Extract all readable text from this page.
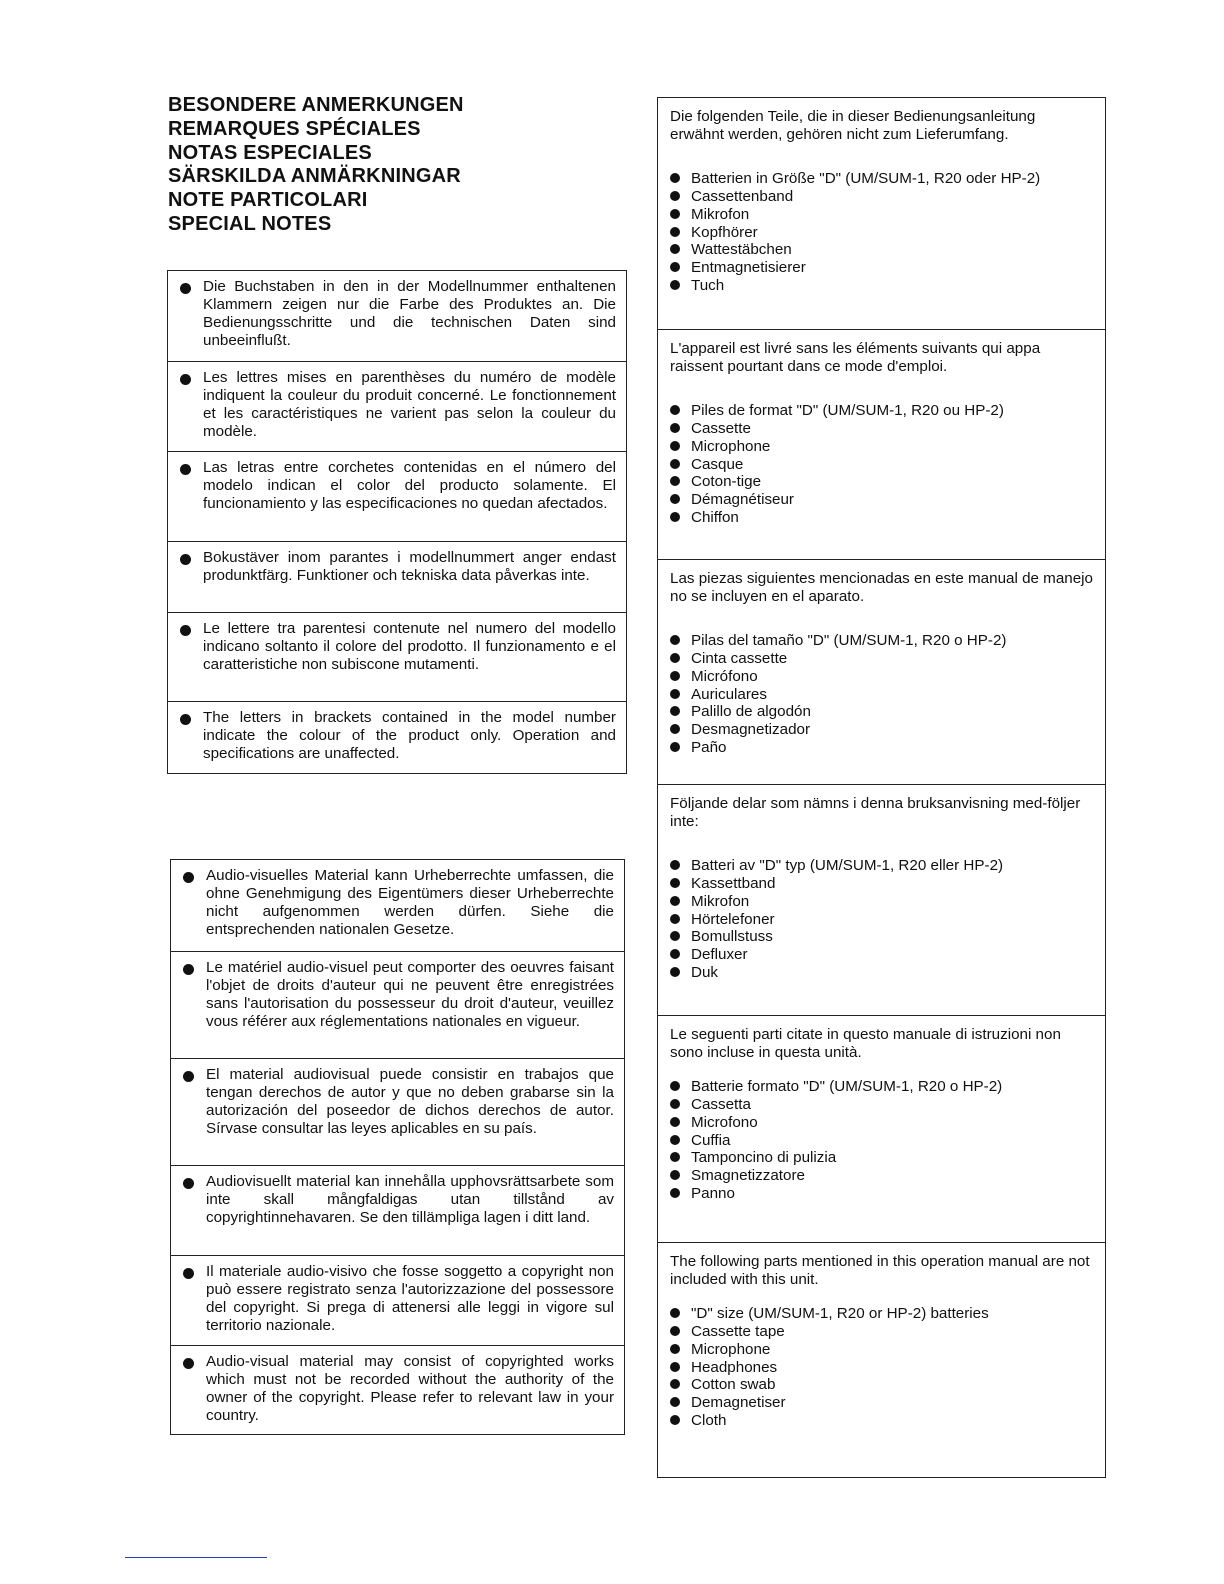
BESONDERE ANMERKUNGEN
REMARQUES SPÉCIALES
NOTAS ESPECIALES
SÄRSKILDA ANMÄRKNINGAR
NOTE PARTICOLARI
SPECIAL NOTES
Die Buchstaben in den in der Modellnummer enthaltenen Klammern zeigen nur die Farbe des Produktes an. Die Bedienungsschritte und die technischen Daten sind unbeeinflußt.
Les lettres mises en parenthèses du numéro de modèle indiquent la couleur du produit concerné. Le fonctionnement et les caractéristiques ne varient pas selon la couleur du modèle.
Las letras entre corchetes contenidas en el número del modelo indican el color del producto solamente. El funcionamiento y las especificaciones no quedan afectados.
Bokustäver inom parantes i modellnummert anger endast produnktfärg. Funktioner och tekniska data påverkas inte.
Le lettere tra parentesi contenute nel numero del modello indicano soltanto il colore del prodotto. Il funzionamento e el caratteristiche non subiscone mutamenti.
The letters in brackets contained in the model number indicate the colour of the product only. Operation and specifications are unaffected.
Audio-visuelles Material kann Urheberrechte umfassen, die ohne Genehmigung des Eigentümers dieser Urheberrechte nicht aufgenommen werden dürfen. Siehe die entsprechenden nationalen Gesetze.
Le matériel audio-visuel peut comporter des oeuvres faisant l'objet de droits d'auteur qui ne peuvent être enregistrées sans l'autorisation du possesseur du droit d'auteur, veuillez vous référer aux réglementations nationales en vigueur.
El material audiovisual puede consistir en trabajos que tengan derechos de autor y que no deben grabarse sin la autorización del poseedor de dichos derechos de autor. Sírvase consultar las leyes aplicables en su país.
Audiovisuellt material kan innehålla upphovsrättsarbete som inte skall mångfaldigas utan tillstånd av copyrightinnehavaren. Se den tillämpliga lagen i ditt land.
Il materiale audio-visivo che fosse soggetto a copyright non può essere registrato senza l'autorizzazione del possessore del copyright. Si prega di attenersi alle leggi in vigore sul territorio nazionale.
Audio-visual material may consist of copyrighted works which must not be recorded without the authority of the owner of the copyright. Please refer to relevant law in your country.
Die folgenden Teile, die in dieser Bedienungsanleitung erwähnt werden, gehören nicht zum Lieferumfang.
Batterien in Größe "D" (UM/SUM-1, R20 oder HP-2)
Cassettenband
Mikrofon
Kopfhörer
Wattestäbchen
Entmagnetisierer
Tuch
L'appareil est livré sans les éléments suivants qui appa raissent pourtant dans ce mode d'emploi.
Piles de format "D" (UM/SUM-1, R20 ou HP-2)
Cassette
Microphone
Casque
Coton-tige
Démagnétiseur
Chiffon
Las piezas siguientes mencionadas en este manual de manejo no se incluyen en el aparato.
Pilas del tamaño "D" (UM/SUM-1, R20 o HP-2)
Cinta cassette
Micrófono
Auriculares
Palillo de algodón
Desmagnetizador
Paño
Följande delar som nämns i denna bruksanvisning med-följer inte:
Batteri av "D" typ (UM/SUM-1, R20 eller HP-2)
Kassettband
Mikrofon
Hörtelefoner
Bomullstuss
Defluxer
Duk
Le seguenti parti citate in questo manuale di istruzioni non sono incluse in questa unità.
Batterie formato "D" (UM/SUM-1, R20 o HP-2)
Cassetta
Microfono
Cuffia
Tamponcino di pulizia
Smagnetizzatore
Panno
The following parts mentioned in this operation manual are not included with this unit.
"D" size (UM/SUM-1, R20 or HP-2) batteries
Cassette tape
Microphone
Headphones
Cotton swab
Demagnetiser
Cloth
